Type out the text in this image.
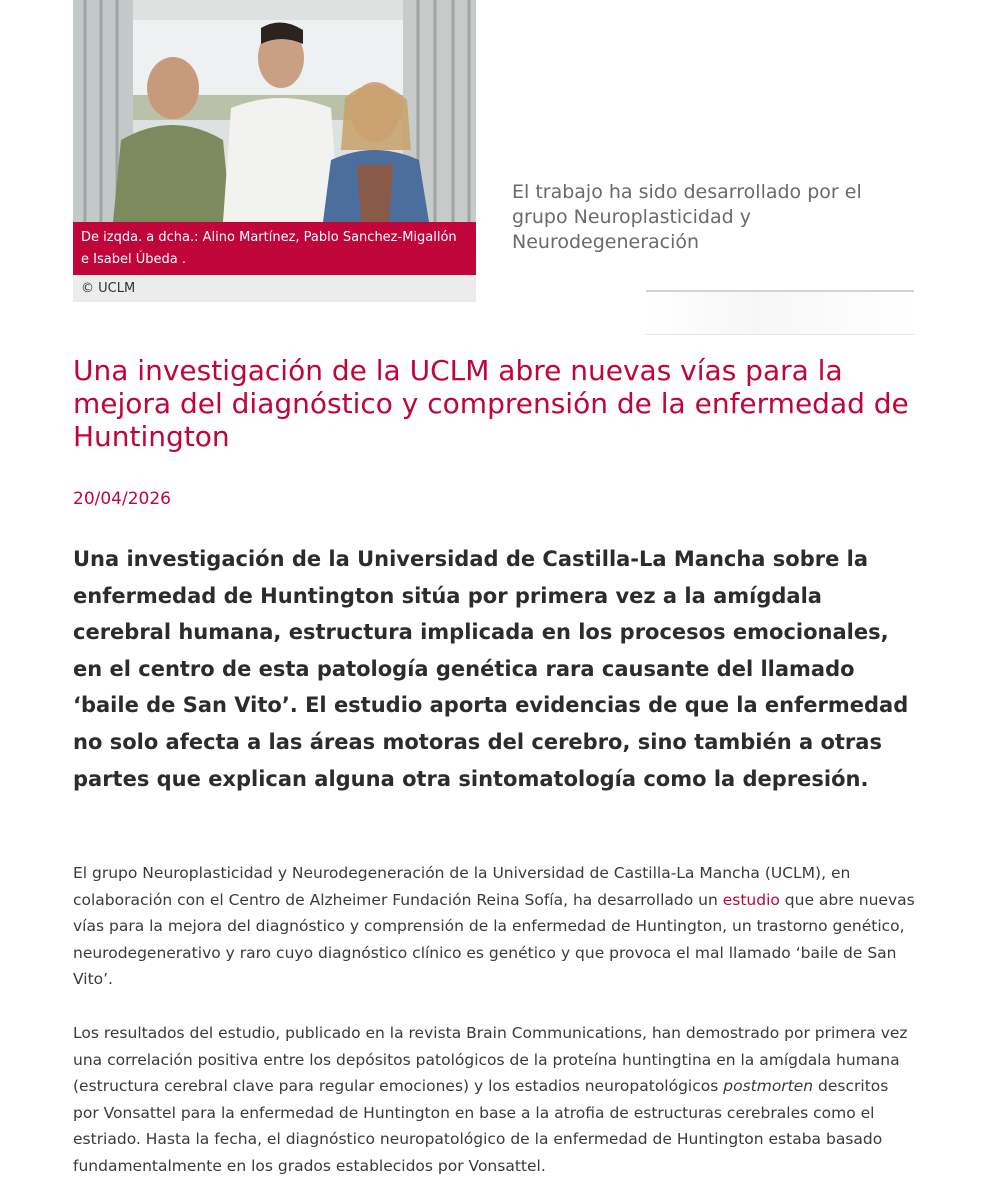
De izqda. a dcha.: Alino Martínez, Pablo Sanchez-Migallón e Isabel Úbeda .
© UCLM
El trabajo ha sido desarrollado por el grupo Neuroplasticidad y Neurodegeneración
Una investigación de la UCLM abre nuevas vías para la mejora del diagnóstico y comprensión de la enfermedad de Huntington

20/04/2026

Una investigación de la Universidad de Castilla-La Mancha sobre la enfermedad de Huntington sitúa por primera vez a la amígdala cerebral humana, estructura implicada en los procesos emocionales, en el centro de esta patología genética rara causante del llamado ‘baile de San Vito’. El estudio aporta evidencias de que la enfermedad no solo afecta a las áreas motoras del cerebro, sino también a otras partes que explican alguna otra sintomatología como la depresión.

El grupo Neuroplasticidad y Neurodegeneración de la Universidad de Castilla-La Mancha (UCLM), en colaboración con el Centro de Alzheimer Fundación Reina Sofía, ha desarrollado un estudio que abre nuevas vías para la mejora del diagnóstico y comprensión de la enfermedad de Huntington, un trastorno genético, neurodegenerativo y raro cuyo diagnóstico clínico es genético y que provoca el mal llamado ‘baile de San Vito’.

Los resultados del estudio, publicado en la revista Brain Communications, han demostrado por primera vez una correlación positiva entre los depósitos patológicos de la proteína huntingtina en la amígdala humana (estructura cerebral clave para regular emociones) y los estadios neuropatológicos postmorten descritos por Vonsattel para la enfermedad de Huntington en base a la atrofia de estructuras cerebrales como el estriado. Hasta la fecha, el diagnóstico neuropatológico de la enfermedad de Huntington estaba basado fundamentalmente en los grados establecidos por Vonsattel.
